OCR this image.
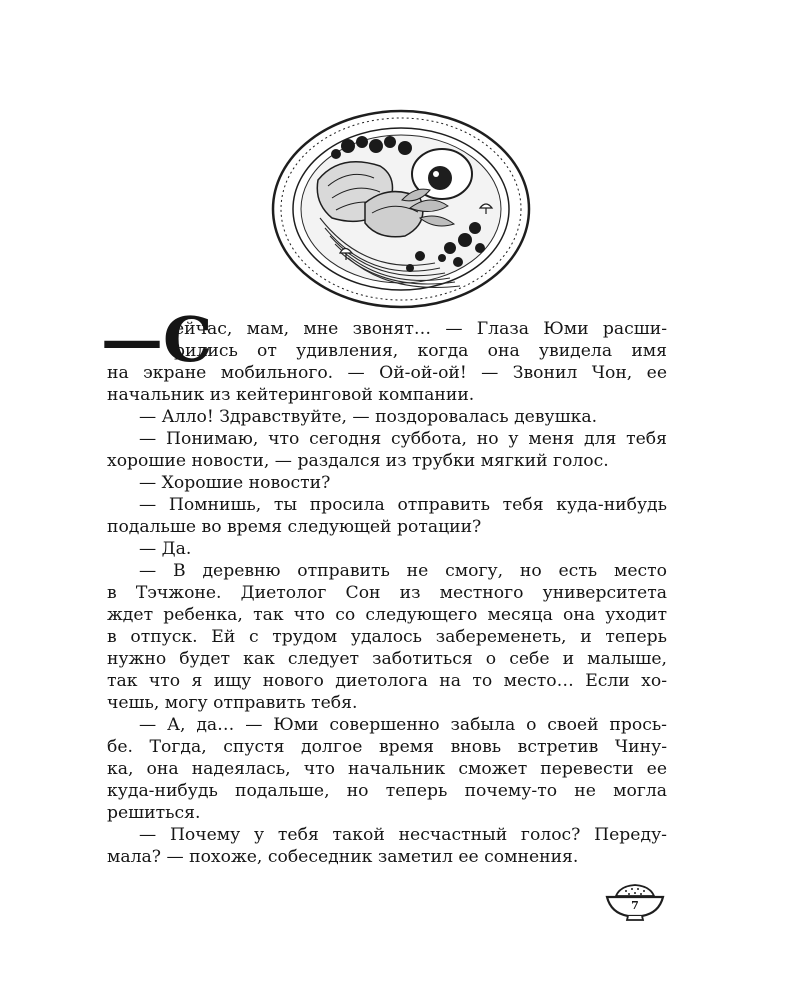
—С
ейчас, мам, мне звонят… — Глаза Юми расши-
рились от удивления, когда она увидела имя
на экране мобильного. — Ой-ой-ой! — Звонил Чон, ее
начальник из кейтеринговой компании.
— Алло! Здравствуйте, — поздоровалась девушка.
— Понимаю, что сегодня суббота, но у меня для тебя
хорошие новости, — раздался из трубки мягкий голос.
— Хорошие новости?
— Помнишь, ты просила отправить тебя куда-нибудь
подальше во время следующей ротации?
— Да.
— В деревню отправить не смогу, но есть место
в Тэчжоне. Диетолог Сон из местного университета
ждет ребенка, так что со следующего месяца она уходит
в отпуск. Ей с трудом удалось забеременеть, и теперь
нужно будет как следует заботиться о себе и малыше,
так что я ищу нового диетолога на то место… Если хо-
чешь, могу отправить тебя.
— А, да… — Юми совершенно забыла о своей прось-
бе. Тогда, спустя долгое время вновь встретив Чину-
ка, она надеялась, что начальник сможет перевести ее
куда-нибудь подальше, но теперь почему-то не могла
решиться.
— Почему у тебя такой несчастный голос? Переду-
мала? — похоже, собеседник заметил ее сомнения.
7
